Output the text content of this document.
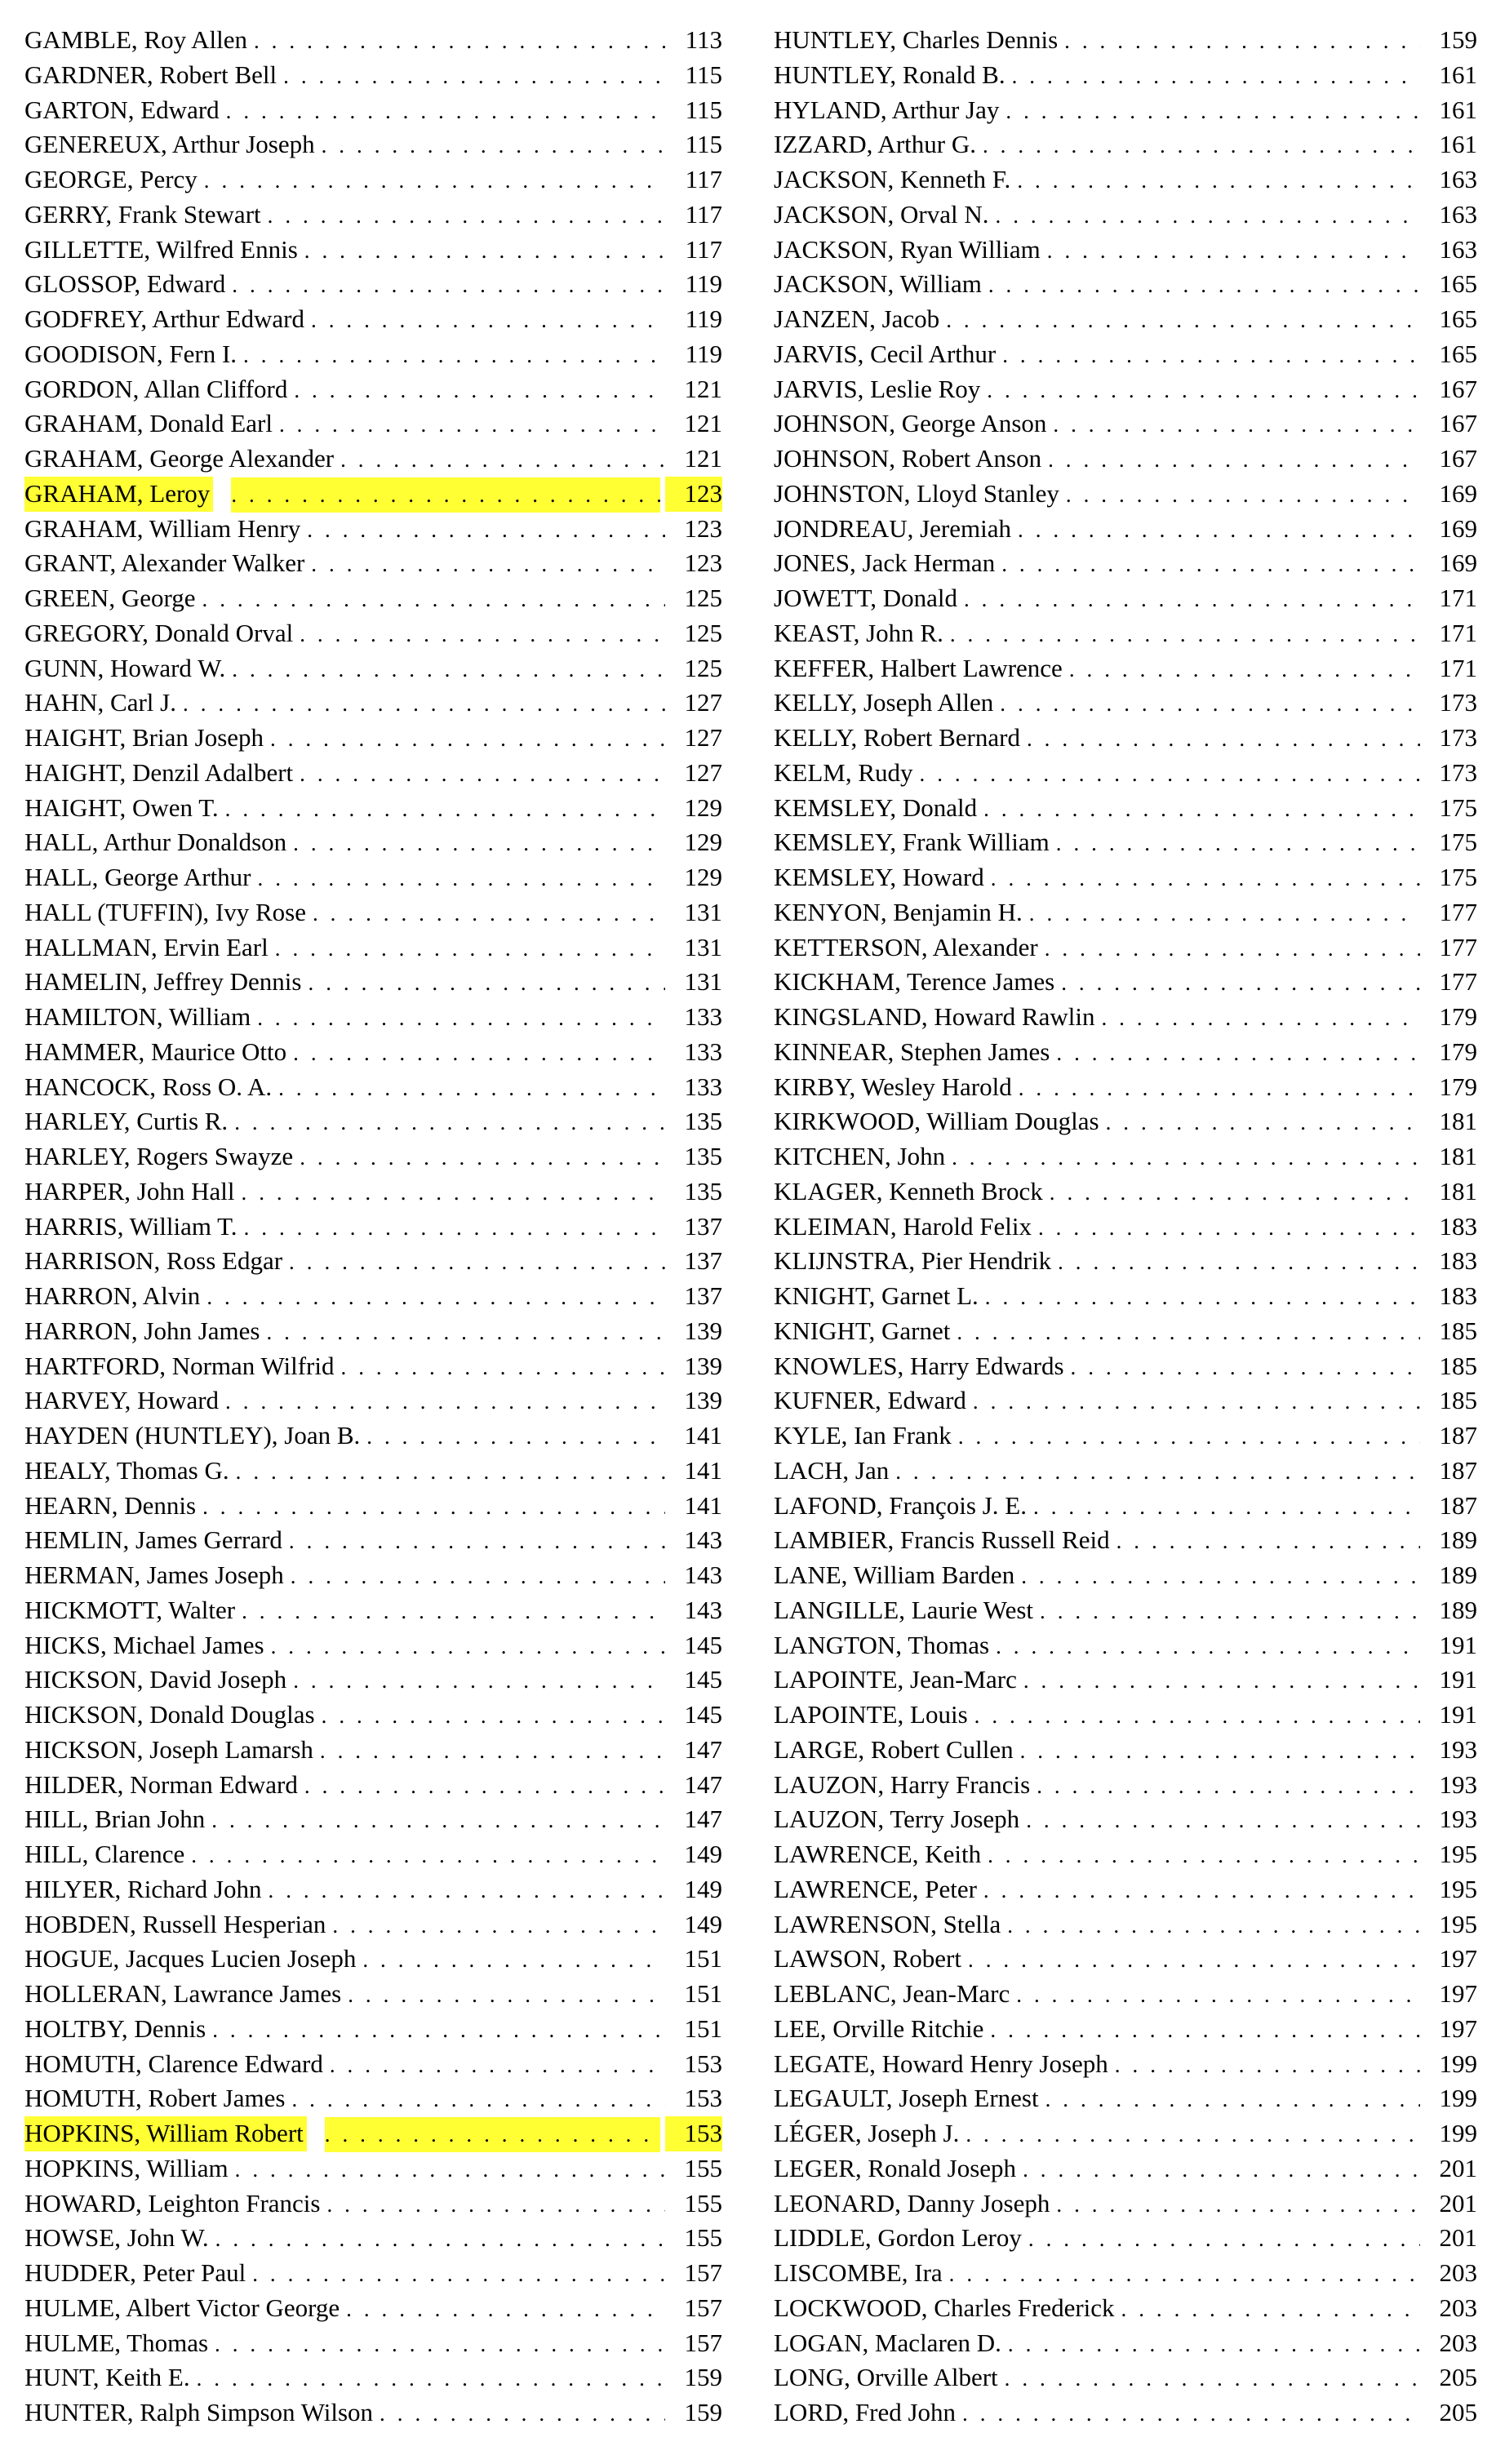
GAMBLE, Roy Allen . . .	113
GARDNER, Robert Bell . . .	115
GARTON, Edward . . .	115
GENEREUX, Arthur Joseph . . .	115
GEORGE, Percy . . .	117
GERRY, Frank Stewart . . .	117
GILLETTE, Wilfred Ennis . . .	117
GLOSSOP, Edward . . .	119
GODFREY, Arthur Edward . . .	119
GOODISON, Fern I. . . .	119
GORDON, Allan Clifford . . .	121
GRAHAM, Donald Earl . . .	121
GRAHAM, George Alexander . . .	121
GRAHAM, Leroy . . .	123
GRAHAM, William Henry . . .	123
GRANT, Alexander Walker . . .	123
GREEN, George . . .	125
GREGORY, Donald Orval . . .	125
GUNN, Howard W. . . .	125
HAHN, Carl J. . . .	127
HAIGHT, Brian Joseph . . .	127
HAIGHT, Denzil Adalbert . . .	127
HAIGHT, Owen T. . . .	129
HALL, Arthur Donaldson . . .	129
HALL, George Arthur . . .	129
HALL (TUFFIN), Ivy Rose . . .	131
HALLMAN, Ervin Earl . . .	131
HAMELIN, Jeffrey Dennis . . .	131
HAMILTON, William . . .	133
HAMMER, Maurice Otto . . .	133
HANCOCK, Ross O. A. . . .	133
HARLEY, Curtis R. . . .	135
HARLEY, Rogers Swayze . . .	135
HARPER, John Hall . . .	135
HARRIS, William T. . . .	137
HARRISON, Ross Edgar . . .	137
HARRON, Alvin . . .	137
HARRON, John James . . .	139
HARTFORD, Norman Wilfrid . . .	139
HARVEY, Howard . . .	139
HAYDEN (HUNTLEY), Joan B. . . .	141
HEALY, Thomas G. . . .	141
HEARN, Dennis . . .	141
HEMLIN, James Gerrard . . .	143
HERMAN, James Joseph . . .	143
HICKMOTT, Walter . . .	143
HICKS, Michael James . . .	145
HICKSON, David Joseph . . .	145
HICKSON, Donald Douglas . . .	145
HICKSON, Joseph Lamarsh . . .	147
HILDER, Norman Edward . . .	147
HILL, Brian John . . .	147
HILL, Clarence . . .	149
HILYER, Richard John . . .	149
HOBDEN, Russell Hesperian . . .	149
HOGUE, Jacques Lucien Joseph . . .	151
HOLLERAN, Lawrance James . . .	151
HOLTBY, Dennis . . .	151
HOMUTH, Clarence Edward . . .	153
HOMUTH, Robert James . . .	153
HOPKINS, William Robert . . .	153
HOPKINS, William . . .	155
HOWARD, Leighton Francis . . .	155
HOWSE, John W. . . .	155
HUDDER, Peter Paul . . .	157
HULME, Albert Victor George . . .	157
HULME, Thomas . . .	157
HUNT, Keith E. . . .	159
HUNTER, Ralph Simpson Wilson . . .	159
HUNTLEY, Charles Dennis . . .	159
HUNTLEY, Ronald B. . . .	161
HYLAND, Arthur Jay . . .	161
IZZARD, Arthur G. . . .	161
JACKSON, Kenneth F. . . .	163
JACKSON, Orval N. . . .	163
JACKSON, Ryan William . . .	163
JACKSON, William . . .	165
JANZEN, Jacob . . .	165
JARVIS, Cecil Arthur . . .	165
JARVIS, Leslie Roy . . .	167
JOHNSON, George Anson . . .	167
JOHNSON, Robert Anson . . .	167
JOHNSTON, Lloyd Stanley . . .	169
JONDREAU, Jeremiah . . .	169
JONES, Jack Herman . . .	169
JOWETT, Donald . . .	171
KEAST, John R. . . .	171
KEFFER, Halbert Lawrence . . .	171
KELLY, Joseph Allen . . .	173
KELLY, Robert Bernard . . .	173
KELM, Rudy . . .	173
KEMSLEY, Donald . . .	175
KEMSLEY, Frank William . . .	175
KEMSLEY, Howard . . .	175
KENYON, Benjamin H. . . .	177
KETTERSON, Alexander . . .	177
KICKHAM, Terence James . . .	177
KINGSLAND, Howard Rawlin . . .	179
KINNEAR, Stephen James . . .	179
KIRBY, Wesley Harold . . .	179
KIRKWOOD, William Douglas . . .	181
KITCHEN, John . . .	181
KLAGER, Kenneth Brock . . .	181
KLEIMAN, Harold Felix . . .	183
KLIJNSTRA, Pier Hendrik . . .	183
KNIGHT, Garnet L. . . .	183
KNIGHT, Garnet . . .	185
KNOWLES, Harry Edwards . . .	185
KUFNER, Edward . . .	185
KYLE, Ian Frank . . .	187
LACH, Jan . . .	187
LAFOND, François J. E. . . .	187
LAMBIER, Francis Russell Reid . . .	189
LANE, William Barden . . .	189
LANGILLE, Laurie West . . .	189
LANGTON, Thomas . . .	191
LAPOINTE, Jean-Marc . . .	191
LAPOINTE, Louis . . .	191
LARGE, Robert Cullen . . .	193
LAUZON, Harry Francis . . .	193
LAUZON, Terry Joseph . . .	193
LAWRENCE, Keith . . .	195
LAWRENCE, Peter . . .	195
LAWRENSON, Stella . . .	195
LAWSON, Robert . . .	197
LEBLANC, Jean-Marc . . .	197
LEE, Orville Ritchie . . .	197
LEGATE, Howard Henry Joseph . . .	199
LEGAULT, Joseph Ernest . . .	199
LÉGER, Joseph J. . . .	199
LEGER, Ronald Joseph . . .	201
LEONARD, Danny Joseph . . .	201
LIDDLE, Gordon Leroy . . .	201
LISCOMBE, Ira . . .	203
LOCKWOOD, Charles Frederick . . .	203
LOGAN, Maclaren D. . . .	203
LONG, Orville Albert . . .	205
LORD, Fred John . . .	205
